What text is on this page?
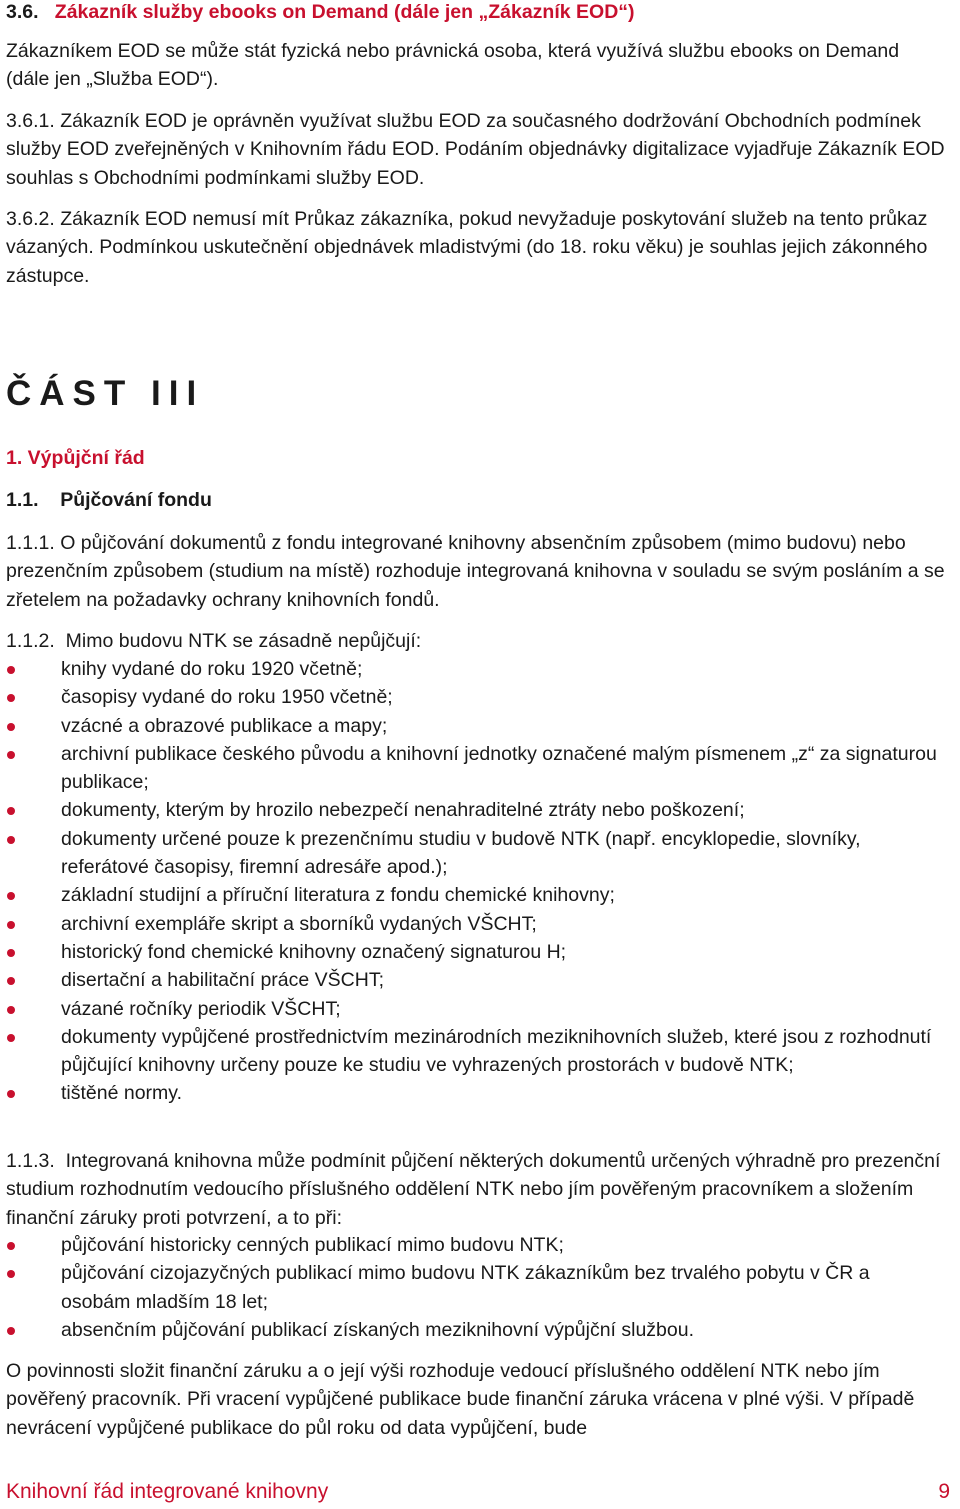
3.6. Zákazník služby ebooks on Demand (dále jen „Zákazník EOD“)

Zákazníkem EOD se může stát fyzická nebo právnická osoba, která využívá službu ebooks on Demand (dále jen „Služba EOD“).

3.6.1. Zákazník EOD je oprávněn využívat službu EOD za současného dodržování Obchodních podmínek služby EOD zveřejněných v Knihovním řádu EOD. Podáním objednávky digitalizace vyjadřuje Zákazník EOD souhlas s Obchodními podmínkami služby EOD.

3.6.2. Zákazník EOD nemusí mít Průkaz zákazníka, pokud nevyžaduje poskytování služeb na tento průkaz vázaných. Podmínkou uskutečnění objednávek mladistvými (do 18. roku věku) je souhlas jejich zákonného zástupce.

ČÁST III
1. Výpůjční řád
1.1. Půjčování fondu

1.1.1. O půjčování dokumentů z fondu integrované knihovny absenčním způsobem (mimo budovu) nebo prezenčním způsobem (studium na místě) rozhoduje integrovaná knihovna v souladu se svým posláním a se zřetelem na požadavky ochrany knihovních fondů.

1.1.2. Mimo budovu NTK se zásadně nepůjčují:

knihy vydané do roku 1920 včetně;
časopisy vydané do roku 1950 včetně;
vzácné a obrazové publikace a mapy;
archivní publikace českého původu a knihovní jednotky označené malým písmenem „z“ za signaturou publikace;
dokumenty, kterým by hrozilo nebezpečí nenahraditelné ztráty nebo poškození;
dokumenty určené pouze k prezenčnímu studiu v budově NTK (např. encyklopedie, slovníky, referátové časopisy, firemní adresáře apod.);
základní studijní a příruční literatura z fondu chemické knihovny;
archivní exempláře skript a sborníků vydaných VŠCHT;
historický fond chemické knihovny označený signaturou H;
disertační a habilitační práce VŠCHT;
vázané ročníky periodik VŠCHT;
dokumenty vypůjčené prostřednictvím mezinárodních meziknihovních služeb, které jsou z rozhodnutí půjčující knihovny určeny pouze ke studiu ve vyhrazených prostorách v budově NTK;
tištěné normy.

1.1.3. Integrovaná knihovna může podmínit půjčení některých dokumentů určených výhradně pro prezenční studium rozhodnutím vedoucího příslušného oddělení NTK nebo jím pověřeným pracovníkem a složením finanční záruky proti potvrzení, a to při:

půjčování historicky cenných publikací mimo budovu NTK;
půjčování cizojazyčných publikací mimo budovu NTK zákazníkům bez trvalého pobytu v ČR a osobám mladším 18 let;
absenčním půjčování publikací získaných meziknihovní výpůjční službou.

O povinnosti složit finanční záruku a o její výši rozhoduje vedoucí příslušného oddělení NTK nebo jím pověřený pracovník. Při vracení vypůjčené publikace bude finanční záruka vrácena v plné výši. V případě nevrácení vypůjčené publikace do půl roku od data vypůjčení, bude

Knihovní řád integrované knihovny	9
